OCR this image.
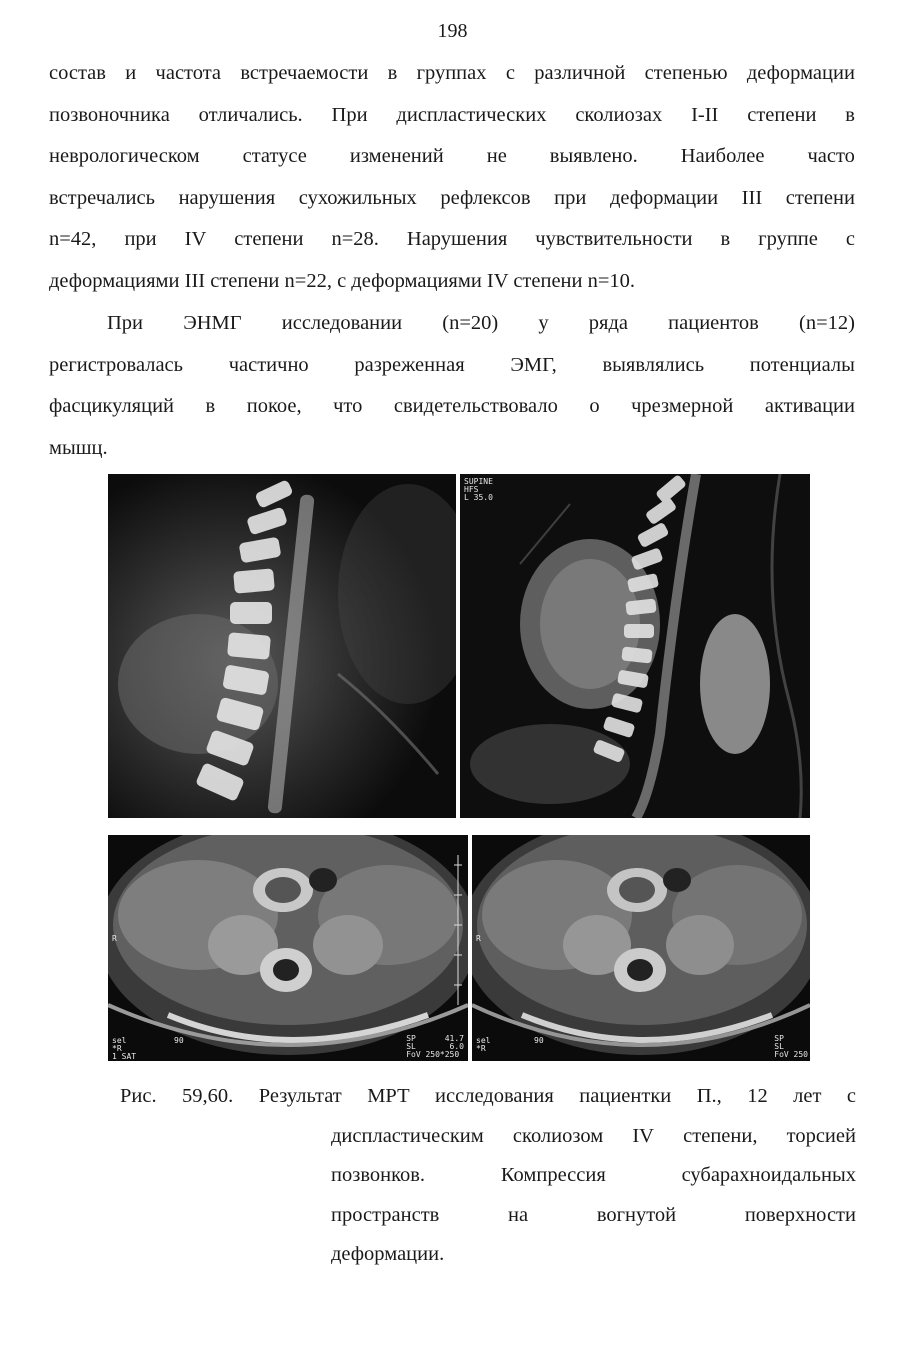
198
состав и частота встречаемости в группах с различной степенью деформации
позвоночника отличались. При диспластических сколиозах I-II степени в
неврологическом статусе изменений не выявлено. Наиболее часто
встречались нарушения сухожильных рефлексов при деформации III степени
n=42, при IV степени n=28. Нарушения чувствительности в группе с
деформациями III степени n=22, с деформациями IV степени n=10.
При ЭНМГ исследовании (n=20) у ряда пациентов (n=12)
регистровалась частично разреженная ЭМГ, выявлялись потенциалы
фасцикуляций в покое, что свидетельствовало о чрезмерной активации
мышц.
SUPINE
HFS
L 35.0
R
sel
*R
1 SAT
90	SP      41.7
SL       6.0
FoV 250*250
R
sel
*R
90	SP
SL
FoV 250
Рис. 59,60. Результат МРТ исследования пациентки П., 12 лет с
диспластическим сколиозом IV степени, торсией
позвонков.	Компрессия	субарахноидальных
пространств	на	вогнутой	поверхности
деформации.
